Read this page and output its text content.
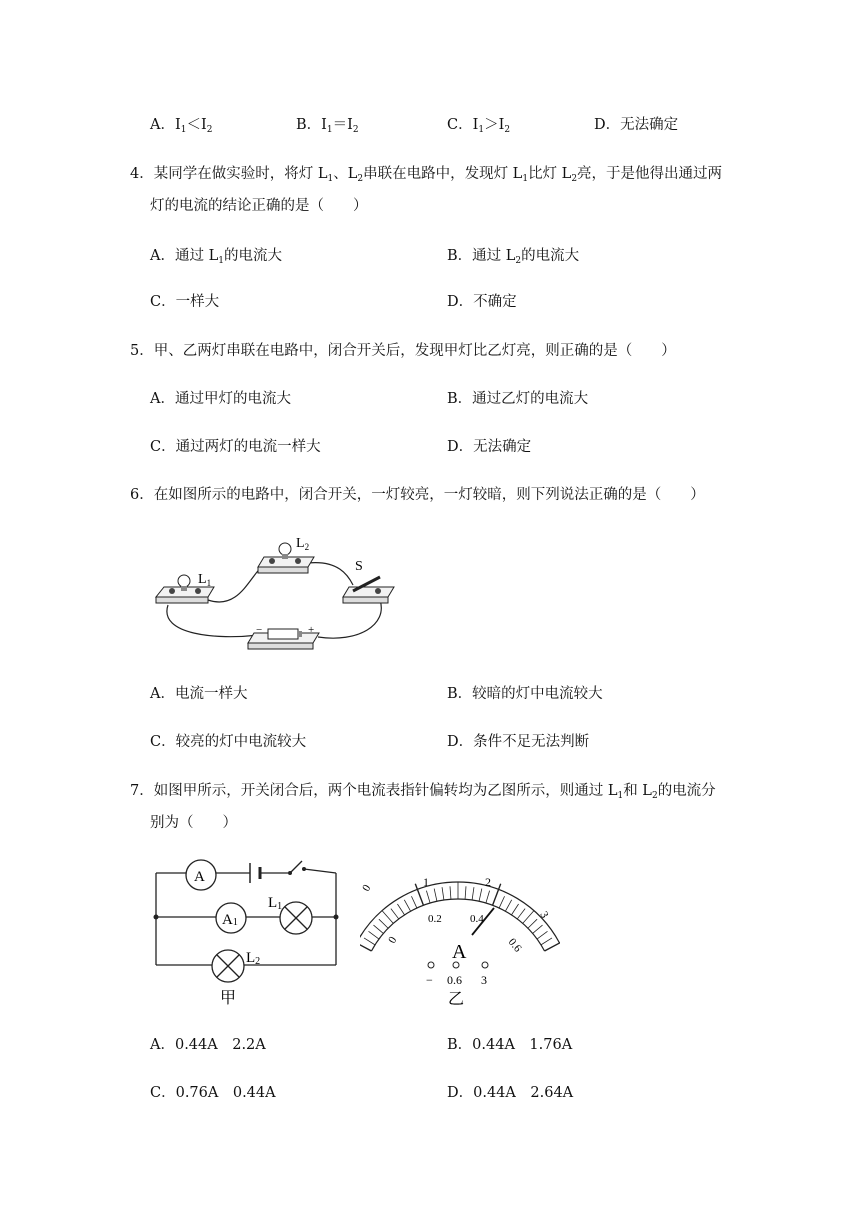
A．$I_1<I_2$	B．$I_1=I_2$	C．$I_1>I_2$	D．无法确定
4．某同学在做实验时，将灯 $L_1$、$L_2$串联在电路中，发现灯 $L_1$比灯 $L_2$亮，于是他得出通过两
灯的电流的结论正确的是（　　）
A．通过 $L_1$的电流大	B．通过 $L_2$的电流大
C．一样大	D．不确定
5．甲、乙两灯串联在电路中，闭合开关后，发现甲灯比乙灯亮，则正确的是（　　）
A．通过甲灯的电流大	B．通过乙灯的电流大
C．通过两灯的电流一样大	D．无法确定
6．在如图所示的电路中，闭合开关，一灯较亮，一灯较暗，则下列说法正确的是（　　）
$L_1$
$L_2$
S
−	+
A．电流一样大	B．较暗的灯中电流较大
C．较亮的灯中电流较大	D．条件不足无法判断
7．如图甲所示，开关闭合后，两个电流表指针偏转均为乙图所示，则通过 $L_1$和 $L_2$的电流分
别为（　　）
A
A1
L1
L2
甲
0	1	2
3
0
0.2	0.4
0.6
A
− 0.6 3
乙
A．0.44A　2.2A	B．0.44A　1.76A
C．0.76A　0.44A	D．0.44A　2.64A
